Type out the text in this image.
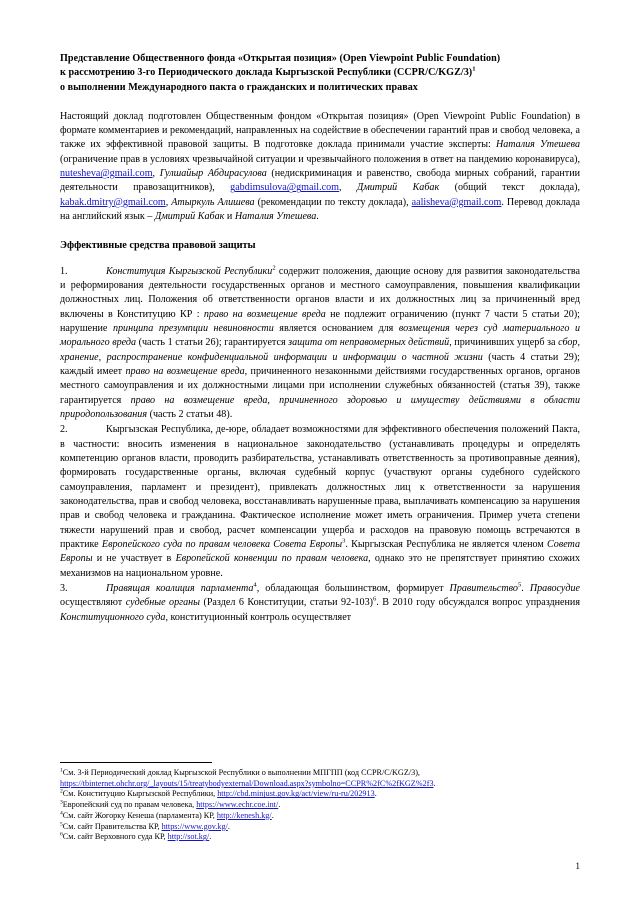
Представление Общественного фонда «Открытая позиция» (Open Viewpoint Public Foundation)
к рассмотрению 3-го Периодического доклада Кыргызской Республики (CCPR/C/KGZ/3)$^1$
о выполнении Международного пакта о гражданских и политических правах
Настоящий доклад подготовлен Общественным фондом «Открытая позиция» (Open Viewpoint Public Foundation) в формате комментариев и рекомендаций, направленных на содействие в обеспечении гарантий прав и свобод человека, а также их эффективной правовой защиты. В подготовке доклада принимали участие эксперты: Наталия Утешева (ограничение прав в условиях чрезвычайной ситуации и чрезвычайного положения в ответ на пандемию коронавируса), nutesheva@gmail.com, Гулшайыр Абдирасулова (недискриминация и равенство, свобода мирных собраний, гарантии деятельности правозащитников), gabdimsulova@gmail.com, Дмитрий Кабак (общий текст доклада), kabak.dmitry@gmail.com, Атыркуль Алишева (рекомендации по тексту доклада), aalisheva@gmail.com. Перевод доклада на английский язык – Дмитрий Кабак и Наталия Утешева.
Эффективные средства правовой защиты
1.	Конституция Кыргызской Республики$^2$ содержит положения, дающие основу для развития законодательства и реформирования деятельности государственных органов и местного самоуправления, повышения квалификации должностных лиц. Положения об ответственности органов власти и их должностных лиц за причиненный вред включены в Конституцию КР : право на возмещение вреда не подлежит ограничению (пункт 7 части 5 статьи 20); нарушение принципа презумпции невиновности является основанием для возмещения через суд материального и морального вреда (часть 1 статьи 26); гарантируется защита от неправомерных действий, причинивших ущерб за сбор, хранение, распространение конфиденциальной информации и информации о частной жизни (часть 4 статьи 29); каждый имеет право на возмещение вреда, причиненного незаконными действиями государственных органов, органов местного самоуправления и их должностными лицами при исполнении служебных обязанностей (статья 39), также гарантируется право на возмещение вреда, причиненного здоровью и имуществу действиями в области природопользования (часть 2 статьи 48).
2.	Кыргызская Республика, де-юре, обладает возможностями для эффективного обеспечения положений Пакта, в частности: вносить изменения в национальное законодательство (устанавливать процедуры и определять компетенцию органов власти, проводить разбирательства, устанавливать ответственность за противоправные деяния), формировать государственные органы, включая судебный корпус (участвуют органы судебного судейского самоуправления, парламент и президент), привлекать должностных лиц к ответственности за нарушения законодательства, прав и свобод человека, восстанавливать нарушенные права, выплачивать компенсацию за нарушения прав и свобод человека и гражданина. Фактическое исполнение может иметь ограничения. Пример учета степени тяжести нарушений прав и свобод, расчет компенсации ущерба и расходов на правовую помощь встречаются в практике Европейского суда по правам человека Совета Европы$^3$. Кыргызская Республика не является членом Совета Европы и не участвует в Европейской конвенции по правам человека, однако это не препятствует принятию схожих механизмов на национальном уровне.
3.	Правящая коалиция парламента$^4$, обладающая большинством, формирует Правительство$^5$. Правосудие осуществляют судебные органы (Раздел 6 Конституции, статьи 92-103)$^6$. В 2010 году обсуждался вопрос упразднения Конституционного суда, конституционный контроль осуществляет
$^1$См. 3-й Периодический доклад Кыргызской Республики о выполнении МПГПП (код CCPR/C/KGZ/3),
https://tbinternet.ohchr.org/_layouts/15/treatybodyexternal/Download.aspx?symbolno=CCPR%2fC%2fKGZ%2f3.
$^2$См. Конституцию Кыргызской Республики, http://cbd.minjust.gov.kg/act/view/ru-ru/202913.
$^3$Европейский суд по правам человека, https://www.echr.coe.int/.
$^4$См. сайт Жогорку Кенеша (парламента) КР, http://kenesh.kg/.
$^5$См. сайт Правительства КР, https://www.gov.kg/.
$^6$См. сайт Верховного суда КР, http://sot.kg/.
1
